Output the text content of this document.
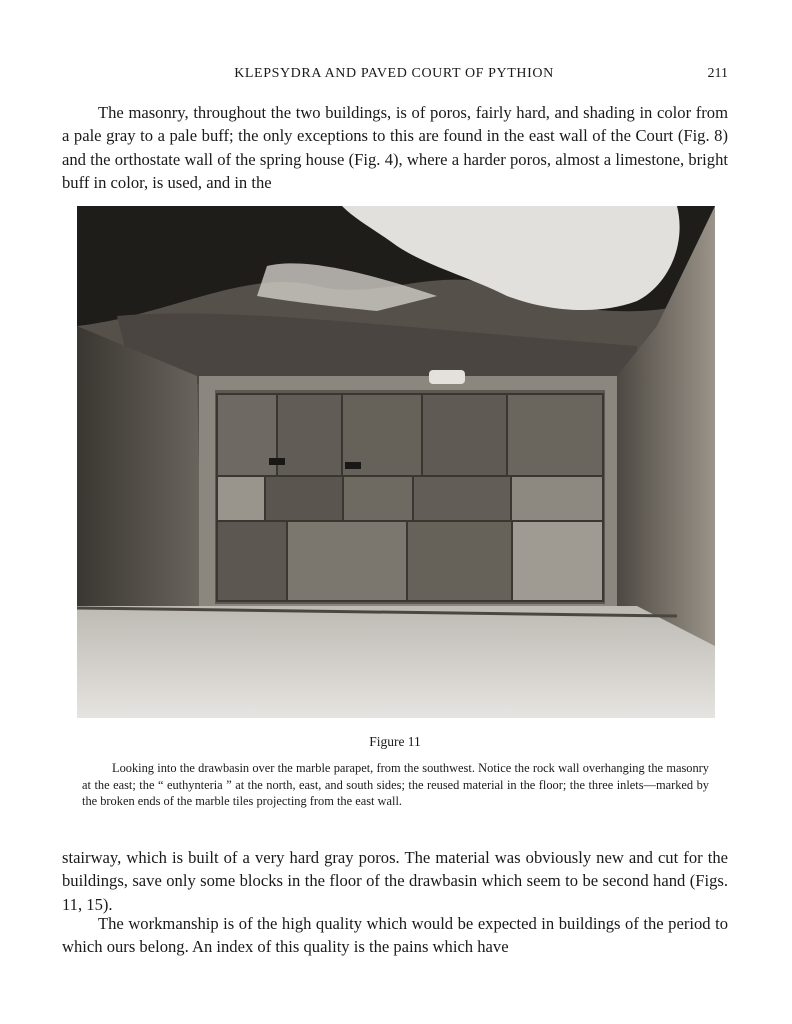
KLEPSYDRA AND PAVED COURT OF PYTHION	211

The masonry, throughout the two buildings, is of poros, fairly hard, and shading in color from a pale gray to a pale buff; the only exceptions to this are found in the east wall of the Court (Fig. 8) and the orthostate wall of the spring house (Fig. 4), where a harder poros, almost a limestone, bright buff in color, is used, and in the

Figure 11

Looking into the drawbasin over the marble parapet, from the southwest. Notice the rock wall overhanging the masonry at the east; the “ euthynteria ” at the north, east, and south sides; the reused material in the floor; the three inlets—marked by the broken ends of the marble tiles projecting from the east wall.

stairway, which is built of a very hard gray poros. The material was obviously new and cut for the buildings, save only some blocks in the floor of the drawbasin which seem to be second hand (Figs. 11, 15).

The workmanship is of the high quality which would be expected in buildings of the period to which ours belong. An index of this quality is the pains which have
